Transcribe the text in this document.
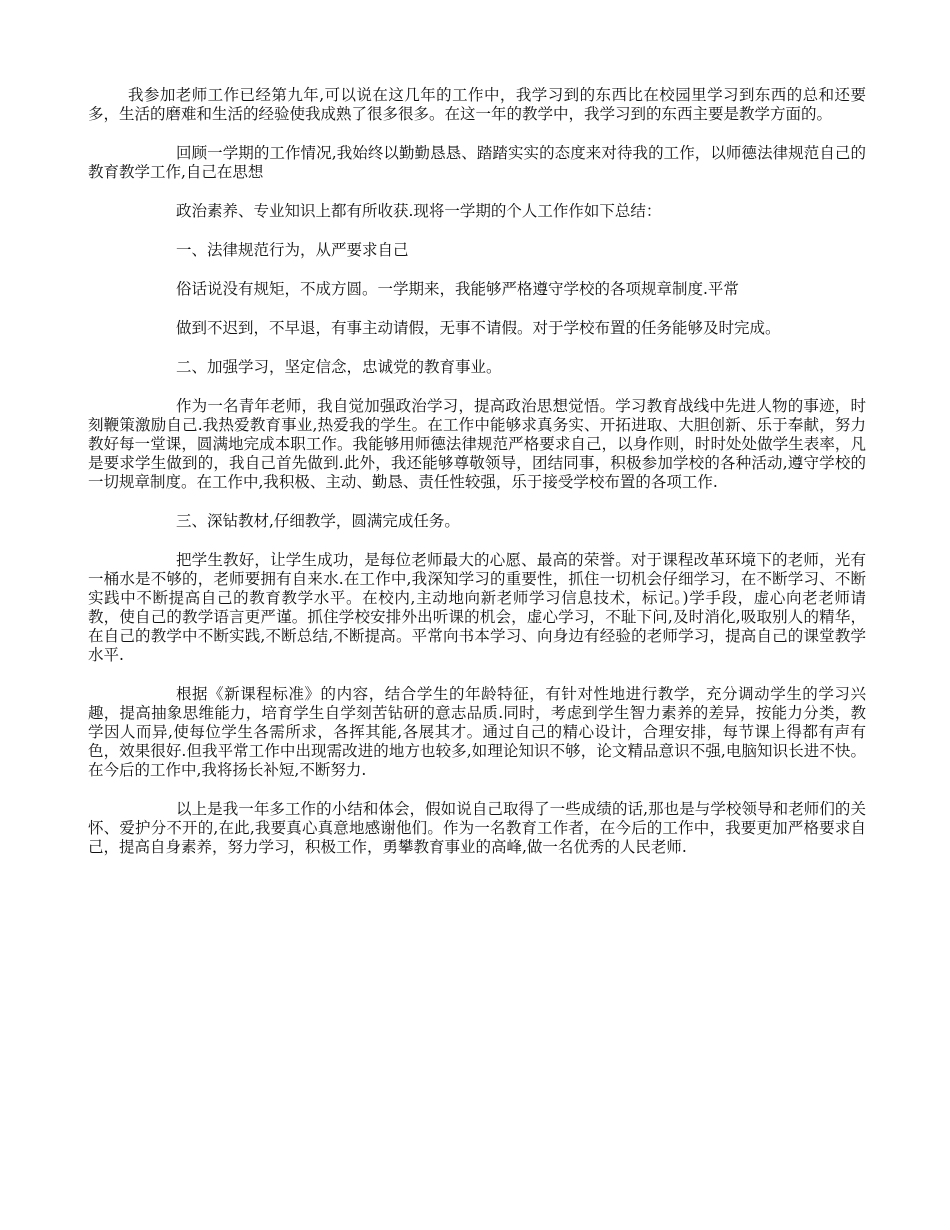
我参加老师工作已经第九年,可以说在这几年的工作中，我学习到的东西比在校园里学习到东西的总和还要多，生活的磨难和生活的经验使我成熟了很多很多。在这一年的教学中，我学习到的东西主要是教学方面的。

回顾一学期的工作情况,我始终以勤勤恳恳、踏踏实实的态度来对待我的工作，以师德法律规范自己的教育教学工作,自己在思想

政治素养、专业知识上都有所收获.现将一学期的个人工作作如下总结：

一、法律规范行为，从严要求自己

俗话说没有规矩，不成方圆。一学期来，我能够严格遵守学校的各项规章制度.平常

做到不迟到，不早退，有事主动请假，无事不请假。对于学校布置的任务能够及时完成。

二、加强学习，坚定信念，忠诚党的教育事业。

作为一名青年老师，我自觉加强政治学习，提高政治思想觉悟。学习教育战线中先进人物的事迹，时刻鞭策激励自己.我热爱教育事业,热爱我的学生。在工作中能够求真务实、开拓进取、大胆创新、乐于奉献，努力教好每一堂课，圆满地完成本职工作。我能够用师德法律规范严格要求自己，以身作则，时时处处做学生表率，凡是要求学生做到的，我自己首先做到.此外，我还能够尊敬领导，团结同事，积极参加学校的各种活动,遵守学校的一切规章制度。在工作中,我积极、主动、勤恳、责任性较强，乐于接受学校布置的各项工作.

三、深钻教材,仔细教学，圆满完成任务。

把学生教好，让学生成功，是每位老师最大的心愿、最高的荣誉。对于课程改革环境下的老师，光有一桶水是不够的，老师要拥有自来水.在工作中,我深知学习的重要性，抓住一切机会仔细学习，在不断学习、不断实践中不断提高自己的教育教学水平。在校内,主动地向新老师学习信息技术，标记。)学手段，虚心向老老师请教，使自己的教学语言更严谨。抓住学校安排外出听课的机会，虚心学习，不耻下问,及时消化,吸取别人的精华，在自己的教学中不断实践,不断总结,不断提高。平常向书本学习、向身边有经验的老师学习，提高自己的课堂教学水平.

根据《新课程标准》的内容，结合学生的年龄特征，有针对性地进行教学，充分调动学生的学习兴趣，提高抽象思维能力，培育学生自学刻苦钻研的意志品质.同时，考虑到学生智力素养的差异，按能力分类，教学因人而异,使每位学生各需所求，各挥其能,各展其才。通过自己的精心设计，合理安排，每节课上得都有声有色，效果很好.但我平常工作中出现需改进的地方也较多,如理论知识不够，论文精品意识不强,电脑知识长进不快。在今后的工作中,我将扬长补短,不断努力.

以上是我一年多工作的小结和体会，假如说自己取得了一些成绩的话,那也是与学校领导和老师们的关怀、爱护分不开的,在此,我要真心真意地感谢他们。作为一名教育工作者，在今后的工作中，我要更加严格要求自己，提高自身素养，努力学习，积极工作，勇攀教育事业的高峰,做一名优秀的人民老师.
